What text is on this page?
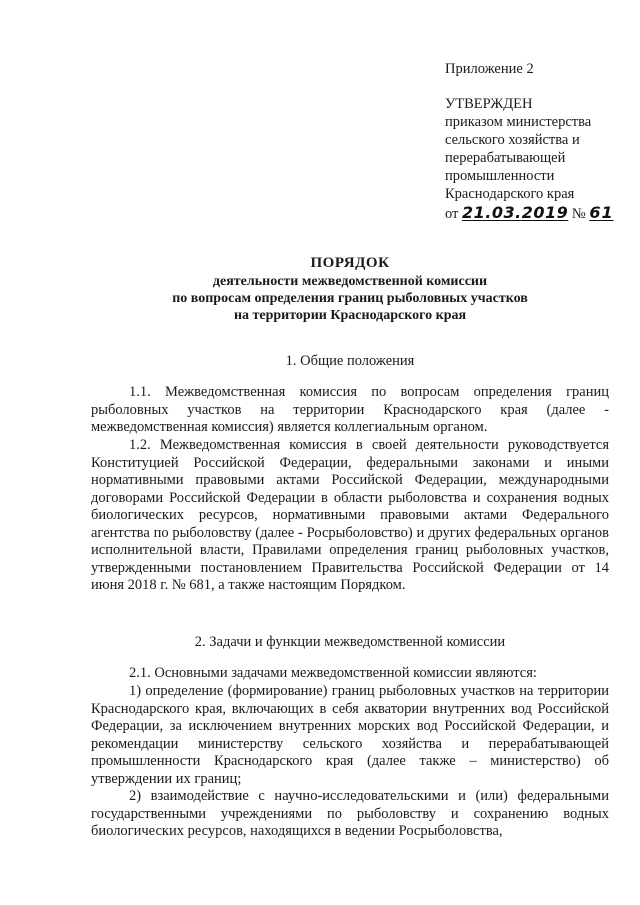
Приложение 2
УТВЕРЖДЕН
приказом министерства
сельского хозяйства и
перерабатывающей
промышленности
Краснодарского края
от 21.03.2019 № 61
ПОРЯДОК
деятельности межведомственной комиссии
по вопросам определения границ рыболовных участков
на территории Краснодарского края
1. Общие положения
1.1. Межведомственная комиссия по вопросам определения границ рыболовных участков на территории Краснодарского края (далее - межведомственная комиссия) является коллегиальным органом.
1.2. Межведомственная комиссия в своей деятельности руководствуется Конституцией Российской Федерации, федеральными законами и иными нормативными правовыми актами Российской Федерации, международными договорами Российской Федерации в области рыболовства и сохранения водных биологических ресурсов, нормативными правовыми актами Федерального агентства по рыболовству (далее - Росрыболовство) и других федеральных органов исполнительной власти, Правилами определения границ рыболовных участков, утвержденными постановлением Правительства Российской Федерации от 14 июня 2018 г. № 681, а также настоящим Порядком.
2. Задачи и функции межведомственной комиссии
2.1. Основными задачами межведомственной комиссии являются:
1) определение (формирование) границ рыболовных участков на территории Краснодарского края, включающих в себя акватории внутренних вод Российской Федерации, за исключением внутренних морских вод Российской Федерации, и рекомендации министерству сельского хозяйства и перерабатывающей промышленности Краснодарского края (далее также – министерство) об утверждении их границ;
2) взаимодействие с научно-исследовательскими и (или) федеральными государственными учреждениями по рыболовству и сохранению водных биологических ресурсов, находящихся в ведении Росрыболовства,
